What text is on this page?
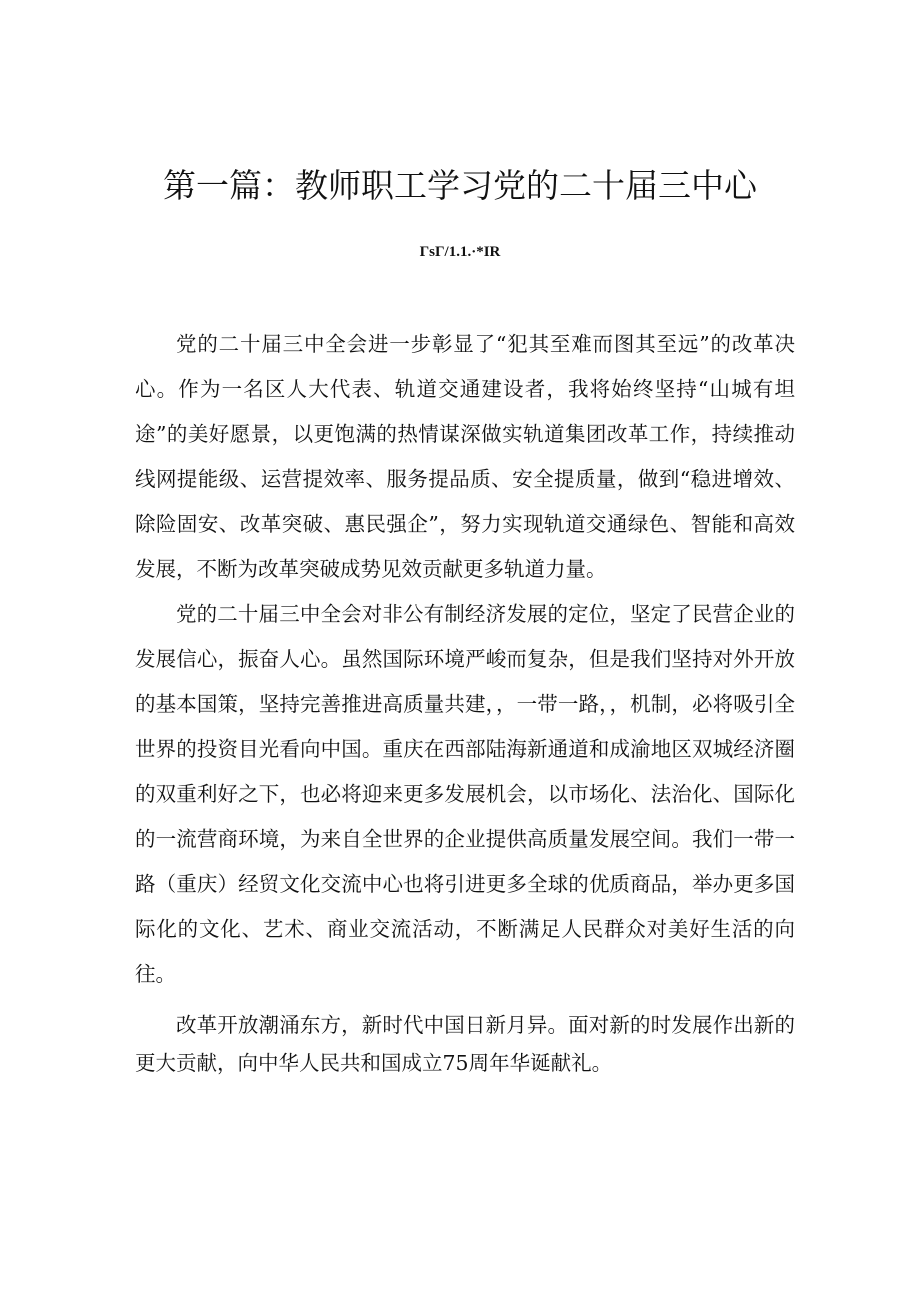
第一篇：教师职工学习党的二十届三中心
ΓsΓ/1.1.·*IR

党的二十届三中全会进一步彰显了“犯其至难而图其至远”的改革决心。作为一名区人大代表、轨道交通建设者，我将始终坚持“山城有坦途”的美好愿景，以更饱满的热情谋深做实轨道集团改革工作，持续推动线网提能级、运营提效率、服务提品质、安全提质量，做到“稳进增效、除险固安、改革突破、惠民强企”，努力实现轨道交通绿色、智能和高效发展，不断为改革突破成势见效贡献更多轨道力量。

党的二十届三中全会对非公有制经济发展的定位，坚定了民营企业的发展信心，振奋人心。虽然国际环境严峻而复杂，但是我们坚持对外开放的基本国策，坚持完善推进高质量共建，，一带一路，，机制，必将吸引全世界的投资目光看向中国。重庆在西部陆海新通道和成渝地区双城经济圈的双重利好之下，也必将迎来更多发展机会，以市场化、法治化、国际化的一流营商环境，为来自全世界的企业提供高质量发展空间。我们一带一路（重庆）经贸文化交流中心也将引进更多全球的优质商品，举办更多国际化的文化、艺术、商业交流活动，不断满足人民群众对美好生活的向往。

改革开放潮涌东方，新时代中国日新月异。面对新的时发展作出新的更大贡献，向中华人民共和国成立75周年华诞献礼。
